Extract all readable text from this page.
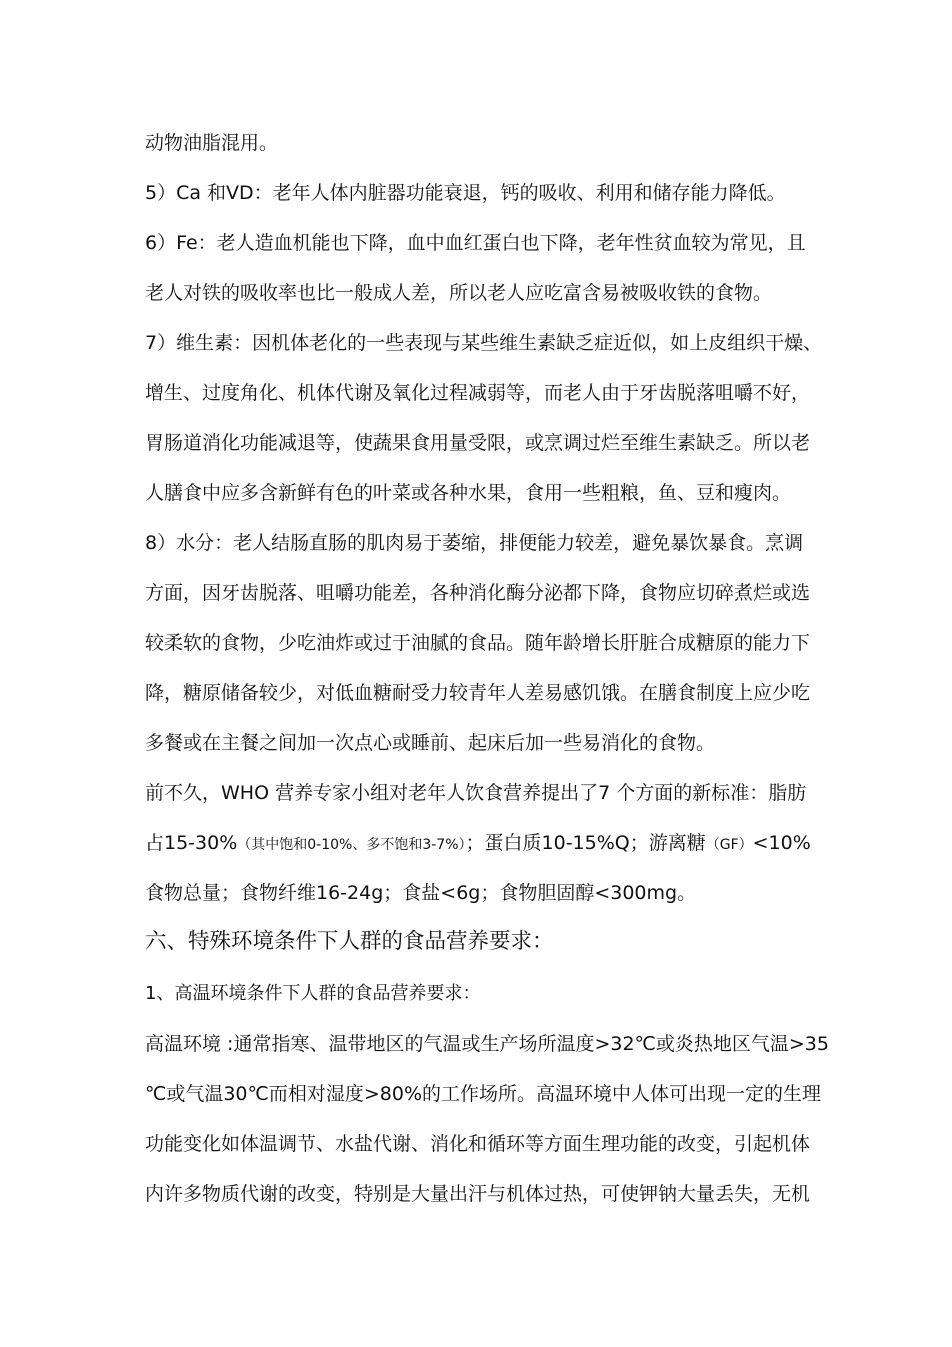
动物油脂混用。
5）Ca 和VD：老年人体内脏器功能衰退，钙的吸收、利用和储存能力降低。
6）Fe：老人造血机能也下降，血中血红蛋白也下降，老年性贫血较为常见，且
老人对铁的吸收率也比一般成人差，所以老人应吃富含易被吸收铁的食物。
7）维生素：因机体老化的一些表现与某些维生素缺乏症近似，如上皮组织干燥、
增生、过度角化、机体代谢及氧化过程减弱等，而老人由于牙齿脱落咀嚼不好，
胃肠道消化功能减退等，使蔬果食用量受限，或烹调过烂至维生素缺乏。所以老
人膳食中应多含新鲜有色的叶菜或各种水果，食用一些粗粮，鱼、豆和瘦肉。
8）水分：老人结肠直肠的肌肉易于萎缩，排便能力较差，避免暴饮暴食。烹调
方面，因牙齿脱落、咀嚼功能差，各种消化酶分泌都下降，食物应切碎煮烂或选
较柔软的食物，少吃油炸或过于油腻的食品。随年龄增长肝脏合成糖原的能力下
降，糖原储备较少，对低血糖耐受力较青年人差易感饥饿。在膳食制度上应少吃
多餐或在主餐之间加一次点心或睡前、起床后加一些易消化的食物。
前不久，WHO 营养专家小组对老年人饮食营养提出了7 个方面的新标准：脂肪
占15-30%（其中饱和0-10%、多不饱和3-7%）；蛋白质10-15%Q；游离糖（GF）<10%
食物总量；食物纤维16-24g；食盐<6g；食物胆固醇<300mg。
六、特殊环境条件下人群的食品营养要求：
1、高温环境条件下人群的食品营养要求：
高温环境 :通常指寒、温带地区的气温或生产场所温度>32℃或炎热地区气温>35
℃或气温30℃而相对湿度>80%的工作场所。高温环境中人体可出现一定的生理
功能变化如体温调节、水盐代谢、消化和循环等方面生理功能的改变，引起机体
内许多物质代谢的改变，特别是大量出汗与机体过热，可使钾钠大量丢失，无机
